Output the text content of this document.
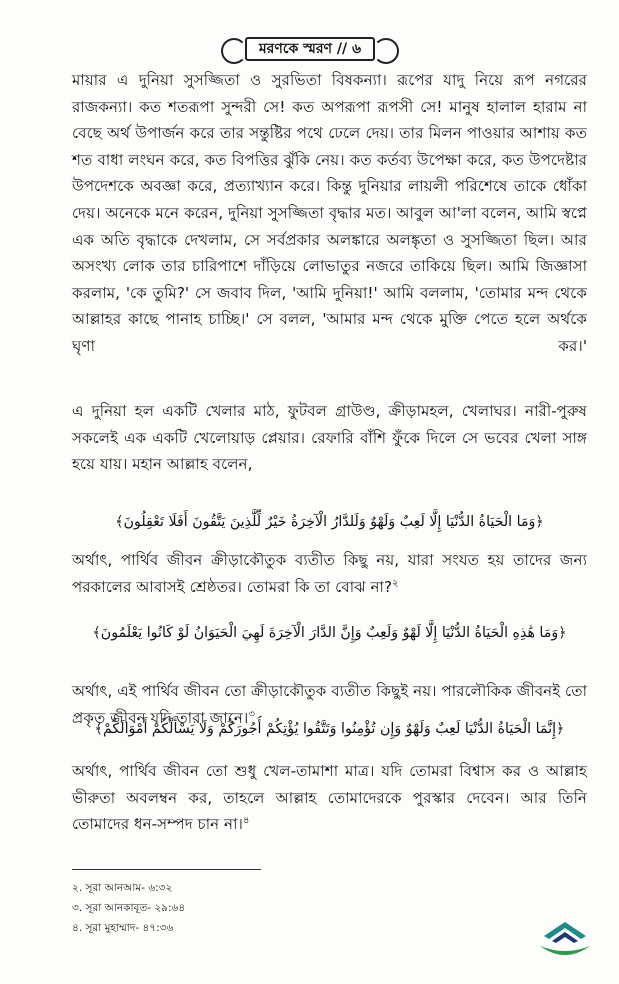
মরণকে স্মরণ // ৬
মায়ার এ দুনিয়া সুসজ্জিতা ও সুরভিতা বিষকন্যা। রূপের যাদু নিয়ে রূপ নগরের রাজকন্যা। কত শতরূপা সুন্দরী সে! কত অপরূপা রূপসী সে! মানুষ হালাল হারাম না বেছে অর্থ উপার্জন করে তার সন্তুষ্টির পথে ঢেলে দেয়। তার মিলন পাওয়ার আশায় কত শত বাধা লংঘন করে, কত বিপত্তির ঝুঁকি নেয়। কত কর্তব্য উপেক্ষা করে, কত উপদেষ্টার উপদেশকে অবজ্ঞা করে, প্রত্যাখ্যান করে। কিন্তু দুনিয়ার লায়লী পরিশেষে তাকে ধোঁকা দেয়। অনেকে মনে করেন, দুনিয়া সুসজ্জিতা বৃদ্ধার মত। আবুল আ'লা বলেন, আমি স্বপ্নে এক অতি বৃদ্ধাকে দেখলাম, সে সর্বপ্রকার অলঙ্কারে অলঙ্কৃতা ও সুসজ্জিতা ছিল। আর অসংখ্য লোক তার চারিপাশে দাঁড়িয়ে লোভাতুর নজরে তাকিয়ে ছিল। আমি জিজ্ঞাসা করলাম, 'কে তুমি?' সে জবাব দিল, 'আমি দুনিয়া!' আমি বললাম, 'তোমার মন্দ থেকে আল্লাহর কাছে পানাহ চাচ্ছি।' সে বলল, 'আমার মন্দ থেকে মুক্তি পেতে হলে অর্থকে ঘৃণা কর।'
এ দুনিয়া হল একটি খেলার মাঠ, ফুটবল গ্রাউণ্ড, ক্রীড়ামহল, খেলাঘর। নারী-পুরুষ সকলেই এক একটি খেলোয়াড় প্লেয়ার। রেফারি বাঁশি ফুঁকে দিলে সে ভবের খেলা সাঙ্গ হয়ে যায়। মহান আল্লাহ বলেন,
﴿وَمَا الْحَيَاةُ الدُّنْيَا إِلَّا لَعِبٌ وَلَهْوٌ وَلَلدَّارُ الْآخِرَةُ خَيْرٌ لِّلَّذِينَ يَتَّقُونَ أَفَلَا تَعْقِلُونَ﴾
অর্থাৎ, পার্থিব জীবন ক্রীড়াকৌতুক ব্যতীত কিছু নয়, যারা সংযত হয় তাদের জন্য পরকালের আবাসই শ্রেষ্ঠতর। তোমরা কি তা বোঝ না?$^২$
﴿وَمَا هَٰذِهِ الْحَيَاةُ الدُّنْيَا إِلَّا لَهْوٌ وَلَعِبٌ وَإِنَّ الدَّارَ الْآخِرَةَ لَهِيَ الْحَيَوَانُ لَوْ كَانُوا يَعْلَمُونَ﴾
অর্থাৎ, এই পার্থিব জীবন তো ক্রীড়াকৌতুক ব্যতীত কিছুই নয়। পারলৌকিক জীবনই তো প্রকৃত জীবন যদি তারা জানে।$^৩$
﴿إِنَّمَا الْحَيَاةُ الدُّنْيَا لَعِبٌ وَلَهْوٌ وَإِن تُؤْمِنُوا وَتَتَّقُوا يُؤْتِكُمْ أُجُورَكُمْ وَلَا يَسْأَلْكُمْ أَمْوَالَكُمْ﴾
অর্থাৎ, পার্থিব জীবন তো শুধু খেল-তামাশা মাত্র। যদি তোমরা বিশ্বাস কর ও আল্লাহ ভীরুতা অবলম্বন কর, তাহলে আল্লাহ তোমাদেরকে পুরস্কার দেবেন। আর তিনি তোমাদের ধন-সম্পদ চান না।$^৪$
২. সূরা আনআম- ৬:৩২
৩. সূরা আনকাবূত- ২৯:৬৪
৪. সূরা মুহাম্মাদ- ৪৭:৩৬
